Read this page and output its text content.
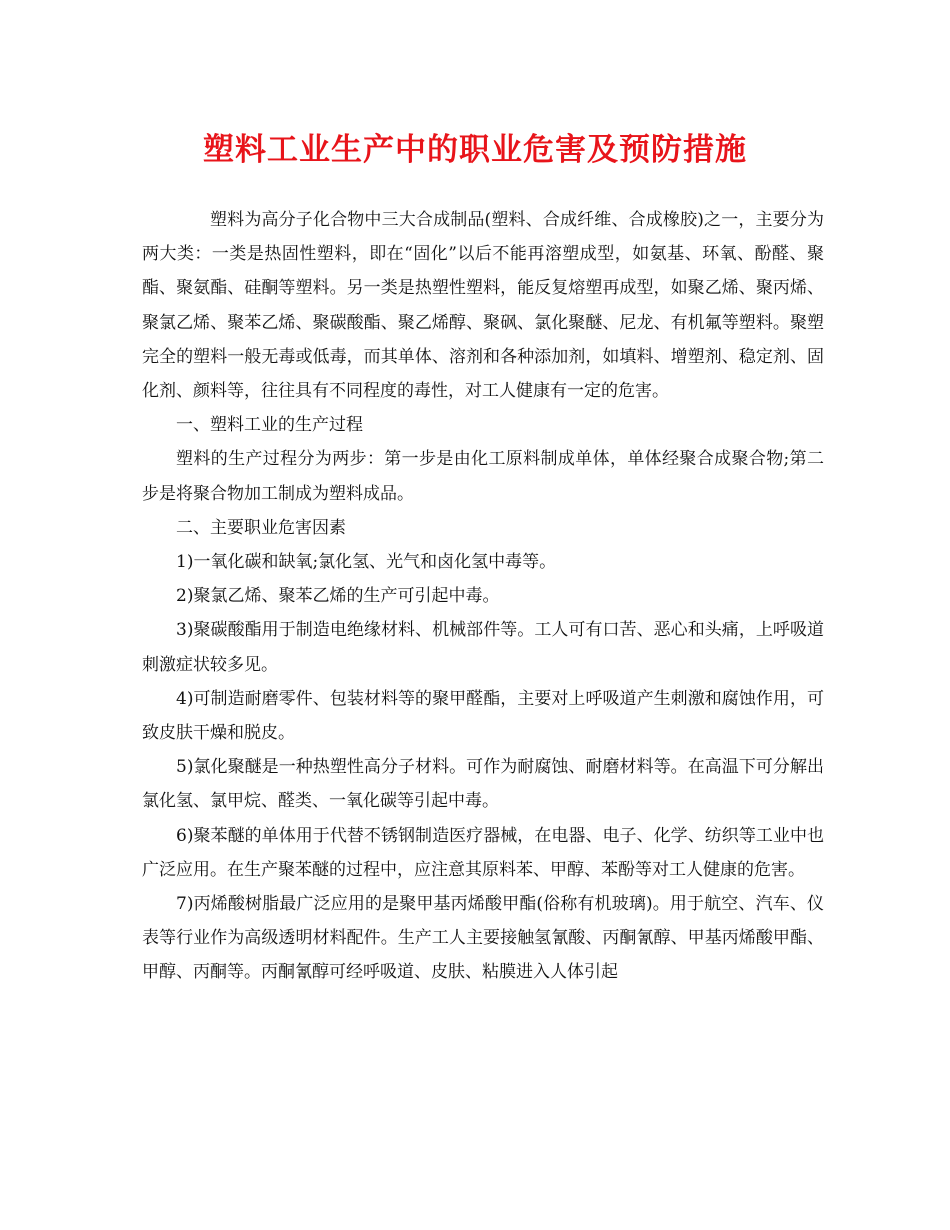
塑料工业生产中的职业危害及预防措施

塑料为高分子化合物中三大合成制品(塑料、合成纤维、合成橡胶)之一，主要分为两大类：一类是热固性塑料，即在“固化”以后不能再溶塑成型，如氨基、环氧、酚醛、聚酯、聚氨酯、硅酮等塑料。另一类是热塑性塑料，能反复熔塑再成型，如聚乙烯、聚丙烯、聚氯乙烯、聚苯乙烯、聚碳酸酯、聚乙烯醇、聚砜、氯化聚醚、尼龙、有机氟等塑料。聚塑完全的塑料一般无毒或低毒，而其单体、溶剂和各种添加剂，如填料、增塑剂、稳定剂、固化剂、颜料等，往往具有不同程度的毒性，对工人健康有一定的危害。

一、塑料工业的生产过程

塑料的生产过程分为两步：第一步是由化工原料制成单体，单体经聚合成聚合物;第二步是将聚合物加工制成为塑料成品。

二、主要职业危害因素

1)一氧化碳和缺氧;氯化氢、光气和卤化氢中毒等。

2)聚氯乙烯、聚苯乙烯的生产可引起中毒。

3)聚碳酸酯用于制造电绝缘材料、机械部件等。工人可有口苦、恶心和头痛，上呼吸道刺激症状较多见。

4)可制造耐磨零件、包装材料等的聚甲醛酯，主要对上呼吸道产生刺激和腐蚀作用，可致皮肤干燥和脱皮。

5)氯化聚醚是一种热塑性高分子材料。可作为耐腐蚀、耐磨材料等。在高温下可分解出氯化氢、氯甲烷、醛类、一氧化碳等引起中毒。

6)聚苯醚的单体用于代替不锈钢制造医疗器械，在电器、电子、化学、纺织等工业中也广泛应用。在生产聚苯醚的过程中，应注意其原料苯、甲醇、苯酚等对工人健康的危害。

7)丙烯酸树脂最广泛应用的是聚甲基丙烯酸甲酯(俗称有机玻璃)。用于航空、汽车、仪表等行业作为高级透明材料配件。生产工人主要接触氢氰酸、丙酮氰醇、甲基丙烯酸甲酯、甲醇、丙酮等。丙酮氰醇可经呼吸道、皮肤、粘膜进入人体引起
